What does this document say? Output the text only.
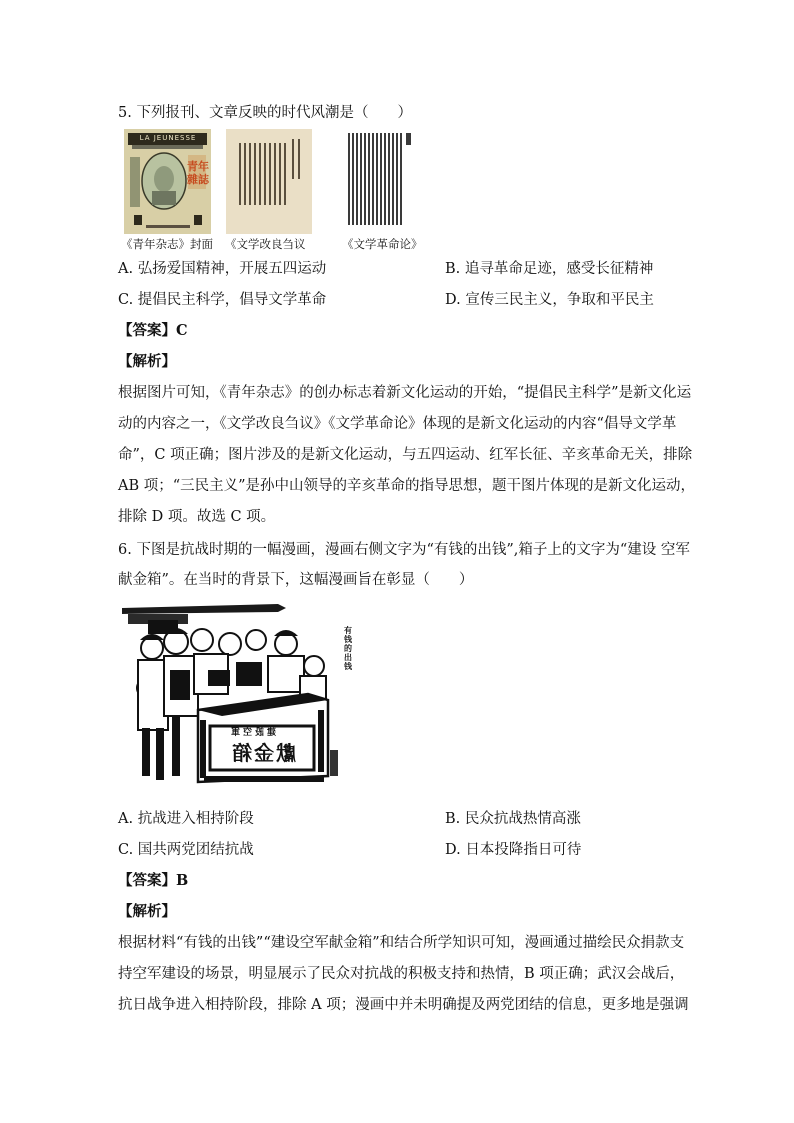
5. 下列报刊、文章反映的时代风潮是（　　）
LA JEUNESSE
青年
雜誌
《青年杂志》封面 《文学改良刍议	《文学革命论》
A. 弘扬爱国精神，开展五四运动	B. 追寻革命足迹，感受长征精神
C. 提倡民主科学，倡导文学革命	D. 宣传三民主义，争取和平民主
【答案】C
【解析】
根据图片可知，《青年杂志》的创办标志着新文化运动的开始，“提倡民主科学”是新文化运
动的内容之一，《文学改良刍议》《文学革命论》体现的是新文化运动的内容“倡导文学革
命”，C 项正确；图片涉及的是新文化运动，与五四运动、红军长征、辛亥革命无关，排除
AB 项；“三民主义”是孙中山领导的辛亥革命的指导思想，题干图片体现的是新文化运动，
排除 D 项。故选 C 项。
6. 下图是抗战时期的一幅漫画，漫画右侧文字为“有钱的出钱”,箱子上的文字为“建设 空军
献金箱”。在当时的背景下，这幅漫画旨在彰显（　　）
建設空軍
獻金箱
有钱的出钱
A. 抗战进入相持阶段	B. 民众抗战热情高涨
C. 国共两党团结抗战	D. 日本投降指日可待
【答案】B
【解析】
根据材料“有钱的出钱”“建设空军献金箱”和结合所学知识可知，漫画通过描绘民众捐款支
持空军建设的场景，明显展示了民众对抗战的积极支持和热情，B 项正确；武汉会战后，
抗日战争进入相持阶段，排除 A 项；漫画中并未明确提及两党团结的信息，更多地是强调
